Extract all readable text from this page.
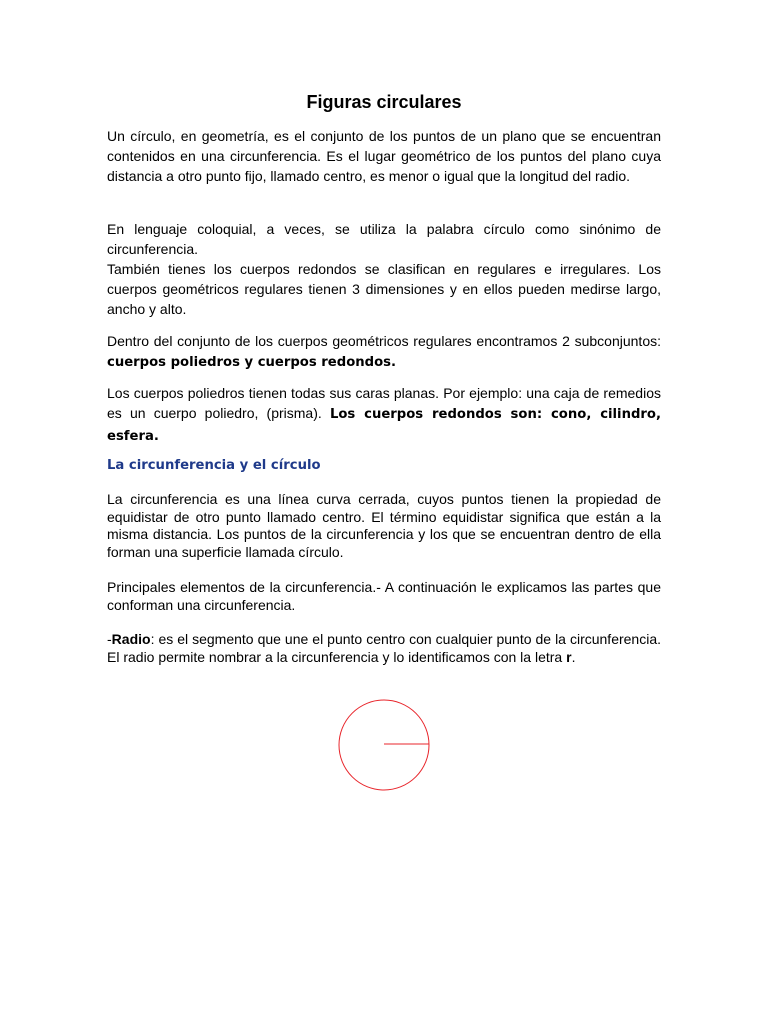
Figuras circulares
Un círculo, en geometría, es el conjunto de los puntos de un plano que se encuentran contenidos en una circunferencia. Es el lugar geométrico de los puntos del plano cuya distancia a otro punto fijo, llamado centro, es menor o igual que la longitud del radio.
En lenguaje coloquial, a veces, se utiliza la palabra círculo como sinónimo de circunferencia.
También tienes los cuerpos redondos se clasifican en regulares e irregulares. Los cuerpos geométricos regulares tienen 3 dimensiones y en ellos pueden medirse largo, ancho y alto.
Dentro del conjunto de los cuerpos geométricos regulares encontramos 2 subconjuntos: cuerpos poliedros y cuerpos redondos.
Los cuerpos poliedros tienen todas sus caras planas. Por ejemplo: una caja de remedios es un cuerpo poliedro, (prisma). Los cuerpos redondos son: cono, cilindro, esfera.
La circunferencia y el círculo
La circunferencia es una línea curva cerrada, cuyos puntos tienen la propiedad de equidistar de otro punto llamado centro. El término equidistar significa que están a la misma distancia. Los puntos de la circunferencia y los que se encuentran dentro de ella forman una superficie llamada círculo.
Principales elementos de la circunferencia.- A continuación le explicamos las partes que conforman una circunferencia.
-Radio: es el segmento que une el punto centro con cualquier punto de la circunferencia. El radio permite nombrar a la circunferencia y lo identificamos con la letra r.
